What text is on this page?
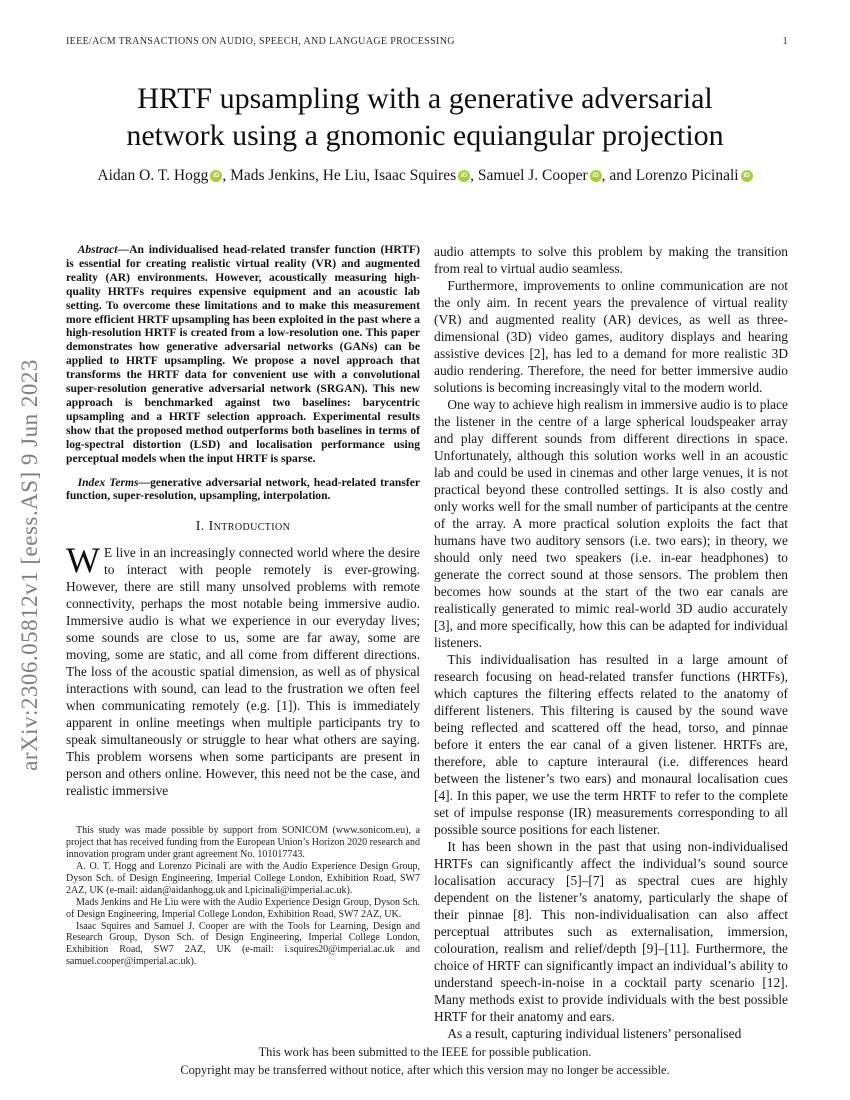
IEEE/ACM TRANSACTIONS ON AUDIO, SPEECH, AND LANGUAGE PROCESSING	1
HRTF upsampling with a generative adversarial
network using a gnomonic equiangular projection
Aidan O. T. Hogg iD , Mads Jenkins, He Liu, Isaac Squires iD , Samuel J. Cooper iD , and Lorenzo Picinali iD

Abstract—An individualised head-related transfer function (HRTF) is essential for creating realistic virtual reality (VR) and augmented reality (AR) environments. However, acoustically measuring high-quality HRTFs requires expensive equipment and an acoustic lab setting. To overcome these limitations and to make this measurement more efficient HRTF upsampling has been exploited in the past where a high-resolution HRTF is created from a low-resolution one. This paper demonstrates how generative adversarial networks (GANs) can be applied to HRTF upsampling. We propose a novel approach that transforms the HRTF data for convenient use with a convolutional super-resolution generative adversarial network (SRGAN). This new approach is benchmarked against two baselines: barycentric upsampling and a HRTF selection approach. Experimental results show that the proposed method outperforms both baselines in terms of log-spectral distortion (LSD) and localisation performance using perceptual models when the input HRTF is sparse.

Index Terms—generative adversarial network, head-related transfer function, super-resolution, upsampling, interpolation.

I. Introduction

W E live in an increasingly connected world where the desire to interact with people remotely is ever-growing. However, there are still many unsolved problems with remote connectivity, perhaps the most notable being immersive audio. Immersive audio is what we experience in our everyday lives; some sounds are close to us, some are far away, some are moving, some are static, and all come from different directions. The loss of the acoustic spatial dimension, as well as of physical interactions with sound, can lead to the frustration we often feel when communicating remotely (e.g. [1]). This is immediately apparent in online meetings when multiple participants try to speak simultaneously or struggle to hear what others are saying. This problem worsens when some participants are present in person and others online. However, this need not be the case, and realistic immersive

This study was made possible by support from SONICOM (www.sonicom.eu), a project that has received funding from the European Union’s Horizon 2020 research and innovation program under grant agreement No. 101017743.

A. O. T. Hogg and Lorenzo Picinali are with the Audio Experience Design Group, Dyson Sch. of Design Engineering, Imperial College London, Exhibition Road, SW7 2AZ, UK (e-mail: aidan@aidanhogg.uk and l.picinali@imperial.ac.uk).

Mads Jenkins and He Liu were with the Audio Experience Design Group, Dyson Sch. of Design Engineering, Imperial College London, Exhibition Road, SW7 2AZ, UK.

Isaac Squires and Samuel J. Cooper are with the Tools for Learning, Design and Research Group, Dyson Sch. of Design Engineering, Imperial College London, Exhibition Road, SW7 2AZ, UK (e-mail: i.squires20@imperial.ac.uk and samuel.cooper@imperial.ac.uk).

audio attempts to solve this problem by making the transition from real to virtual audio seamless.

Furthermore, improvements to online communication are not the only aim. In recent years the prevalence of virtual reality (VR) and augmented reality (AR) devices, as well as three-dimensional (3D) video games, auditory displays and hearing assistive devices [2], has led to a demand for more realistic 3D audio rendering. Therefore, the need for better immersive audio solutions is becoming increasingly vital to the modern world.

One way to achieve high realism in immersive audio is to place the listener in the centre of a large spherical loudspeaker array and play different sounds from different directions in space. Unfortunately, although this solution works well in an acoustic lab and could be used in cinemas and other large venues, it is not practical beyond these controlled settings. It is also costly and only works well for the small number of participants at the centre of the array. A more practical solution exploits the fact that humans have two auditory sensors (i.e. two ears); in theory, we should only need two speakers (i.e. in-ear headphones) to generate the correct sound at those sensors. The problem then becomes how sounds at the start of the two ear canals are realistically generated to mimic real-world 3D audio accurately [3], and more specifically, how this can be adapted for individual listeners.

This individualisation has resulted in a large amount of research focusing on head-related transfer functions (HRTFs), which captures the filtering effects related to the anatomy of different listeners. This filtering is caused by the sound wave being reflected and scattered off the head, torso, and pinnae before it enters the ear canal of a given listener. HRTFs are, therefore, able to capture interaural (i.e. differences heard between the listener’s two ears) and monaural localisation cues [4]. In this paper, we use the term HRTF to refer to the complete set of impulse response (IR) measurements corresponding to all possible source positions for each listener.

It has been shown in the past that using non-individualised HRTFs can significantly affect the individual’s sound source localisation accuracy [5]–[7] as spectral cues are highly dependent on the listener’s anatomy, particularly the shape of their pinnae [8]. This non-individualisation can also affect perceptual attributes such as externalisation, immersion, colouration, realism and relief/depth [9]–[11]. Furthermore, the choice of HRTF can significantly impact an individual’s ability to understand speech-in-noise in a cocktail party scenario [12]. Many methods exist to provide individuals with the best possible HRTF for their anatomy and ears.

As a result, capturing individual listeners’ personalised

arXiv:2306.05812v1 [eess.AS] 9 Jun 2023
This work has been submitted to the IEEE for possible publication.
Copyright may be transferred without notice, after which this version may no longer be accessible.
